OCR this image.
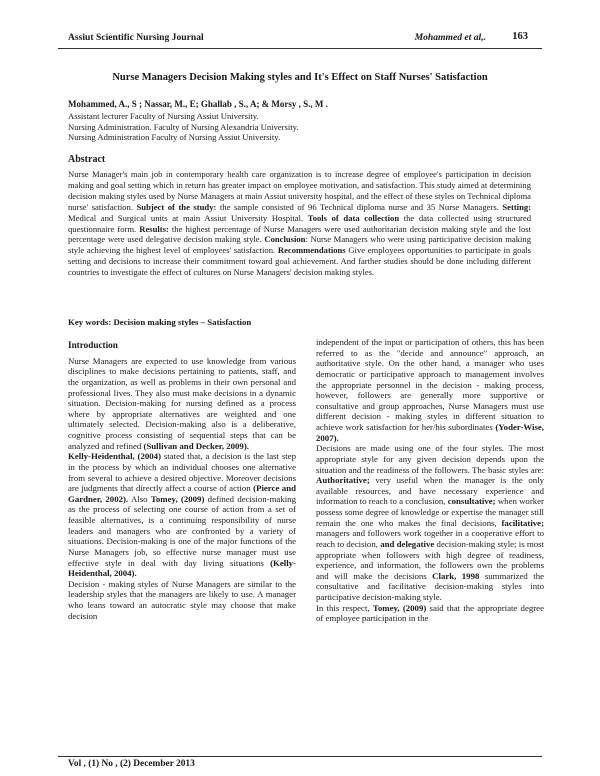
Assiut Scientific Nursing Journal	Mohammed et al,.	163
Nurse Managers Decision Making styles and It's Effect on Staff Nurses' Satisfaction
Mohammed, A., S ; Nassar, M., E; Ghallab , S., A; & Morsy , S., M .
Assistant lecturer Faculty of Nursing Assiut University.
Nursing Administration. Faculty of Nursing Alexandria University.
Nursing Administration Faculty of Nursing Assiut University.
Abstract
Nurse Manager's main job in contemporary health care organization is to increase degree of employee's participation in decision making and goal setting which in return has greater impact on employee motivation, and satisfaction. This study aimed at determining decision making styles used by Nurse Managers at main Assiut university hospital, and the effect of these styles on Technical diploma nurse' satisfaction. Subject of the study: the sample consisted of 96 Technical diploma nurse and 35 Nurse Managers. Setting: Medical and Surgical units at main Assiut University Hospital. Tools of data collection the data collected using structured questionnaire form. Results: the highest percentage of Nurse Managers were used authoritarian decision making style and the lost percentage were used delegative decision making style. Conclusion: Nurse Managers who were using participative decision making style achieving the highest level of employees' satisfaction. Recommendations Give employees opportunities to participate in goals setting and decisions to increase their commitment toward goal achievement. And farther studies should be done including different countries to investigate the effect of cultures on Nurse Managers' decision making styles.
Key words: Decision making styles – Satisfaction
Introduction

Nurse Managers are expected to use knowledge from various disciplines to make decisions pertaining to patients, staff, and the organization, as well as problems in their own personal and professional lives. They also must make decisions in a dynamic situation. Decision-making for nursing defined as a process where by appropriate alternatives are weighted and one ultimately selected. Decision-making also is a deliberative, cognitive process consisting of sequential steps that can be analyzed and refined (Sullivan and Decker, 2009).

Kelly-Heidenthal, (2004) stated that, a decision is the last step in the process by which an individual chooses one alternative from several to achieve a desired objective. Moreover decisions are judgments that directly affect a course of action (Pierce and Gardner, 2002). Also Tomey, (2009) defined decision-making as the process of selecting one course of action from a set of feasible alternatives, is a continuing responsibility of nurse leaders and managers who are confronted by a variety of situations. Decision-making is one of the major functions of the Nurse Managers job, so effective nurse manager must use effective style in deal with day living situations (Kelly-Heidenthal, 2004).

Decision - making styles of Nurse Managers are similar to the leadership styles that the managers are likely to use. A manager who leans toward an autocratic style may choose that make decision

independent of the input or participation of others, this has been referred to as the "decide and announce" approach, an authoritative style. On the other hand, a manager who uses democratic or participative approach to management involves the appropriate personnel in the decision - making process, however, followers are generally more supportive or consultative and group approaches, Nurse Managers must use different decision - making styles in different situation to achieve work satisfaction for her/his subordinates (Yoder-Wise, 2007).

Decisions are made using one of the four styles. The most appropriate style for any given decision depends upon the situation and the readiness of the followers. The basic styles are: Authoritative; very useful when the manager is the only available resources, and have necessary experience and information to reach to a conclusion, consultative; when worker possess some degree of knowledge or expertise the manager still remain the one who makes the final decisions, facilitative; managers and followers work together in a cooperative effort to reach to decision, and delegative decision-making style; is most appropriate when followers with high degree of readiness, experience, and information, the followers own the problems and will make the decisions Clark, 1998 summarized the consultative and facilitative decision-making styles into participative decision-making style.

In this respect, Tomey, (2009) said that the appropriate degree of employee participation in the

Vol , (1) No , (2) December 2013
